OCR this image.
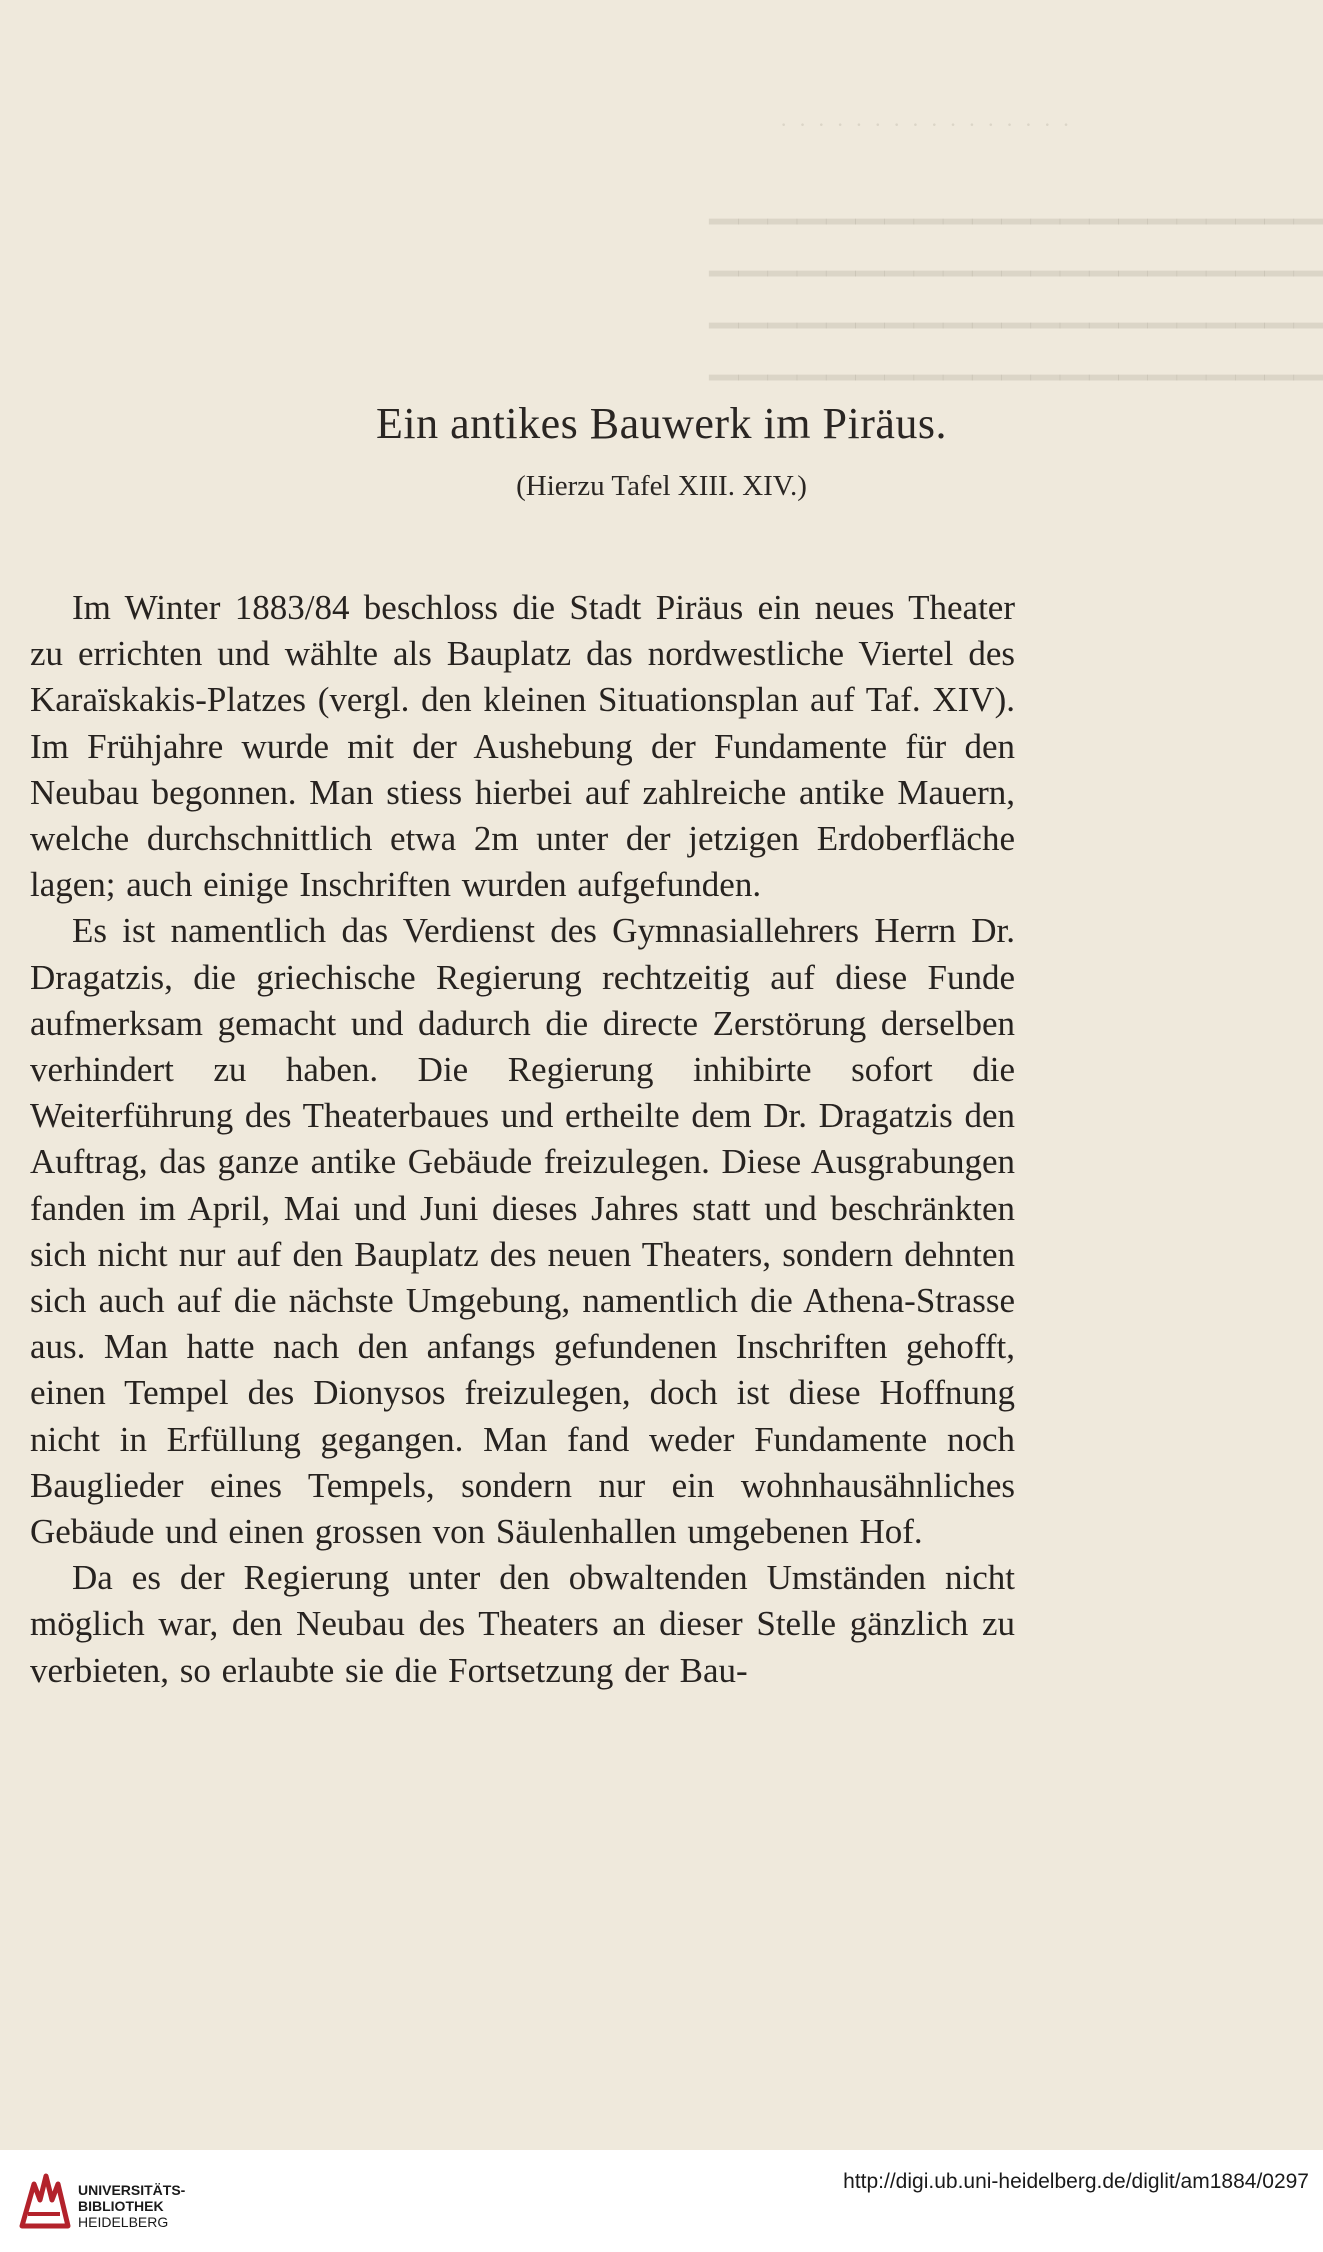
· · · · · · · · · · · · · · · ·
▁▁▁▁▁▁▁▁▁▁▁▁▁▁▁▁▁▁▁▁▁
▁▁▁▁▁▁▁▁▁▁▁▁▁▁▁▁▁▁▁▁▁
▁▁▁▁▁▁▁▁▁▁▁▁▁▁▁▁▁▁▁▁▁
▁▁▁▁▁▁▁▁▁▁▁▁▁▁▁▁▁▁▁▁▁
Ein antikes Bauwerk im Piräus.
(Hierzu Tafel XIII. XIV.)

Im Winter 1883/84 beschloss die Stadt Piräus ein neues Theater zu errichten und wählte als Bauplatz das nordwestliche Viertel des Karaïskakis-Platzes (vergl. den kleinen Situationsplan auf Taf. XIV). Im Frühjahre wurde mit der Aushebung der Fundamente für den Neubau begonnen. Man stiess hierbei auf zahlreiche antike Mauern, welche durchschnittlich etwa 2m unter der jetzigen Erdoberfläche lagen; auch einige Inschriften wurden aufgefunden.

Es ist namentlich das Verdienst des Gymnasiallehrers Herrn Dr. Dragatzis, die griechische Regierung rechtzeitig auf diese Funde aufmerksam gemacht und dadurch die directe Zerstörung derselben verhindert zu haben. Die Regierung inhibirte sofort die Weiterführung des Theaterbaues und ertheilte dem Dr. Dragatzis den Auftrag, das ganze antike Gebäude freizulegen. Diese Ausgrabungen fanden im April, Mai und Juni dieses Jahres statt und beschränkten sich nicht nur auf den Bauplatz des neuen Theaters, sondern dehnten sich auch auf die nächste Umgebung, namentlich die Athena-Strasse aus. Man hatte nach den anfangs gefundenen Inschriften gehofft, einen Tempel des Dionysos freizulegen, doch ist diese Hoffnung nicht in Erfüllung gegangen. Man fand weder Fundamente noch Bauglieder eines Tempels, sondern nur ein wohnhausähnliches Gebäude und einen grossen von Säulenhallen umgebenen Hof.

Da es der Regierung unter den obwaltenden Umständen nicht möglich war, den Neubau des Theaters an dieser Stelle gänzlich zu verbieten, so erlaubte sie die Fortsetzung der Bau-

UNIVERSITÄTS-
BIBLIOTHEK
HEIDELBERG
http://digi.ub.uni-heidelberg.de/diglit/am1884/0297
